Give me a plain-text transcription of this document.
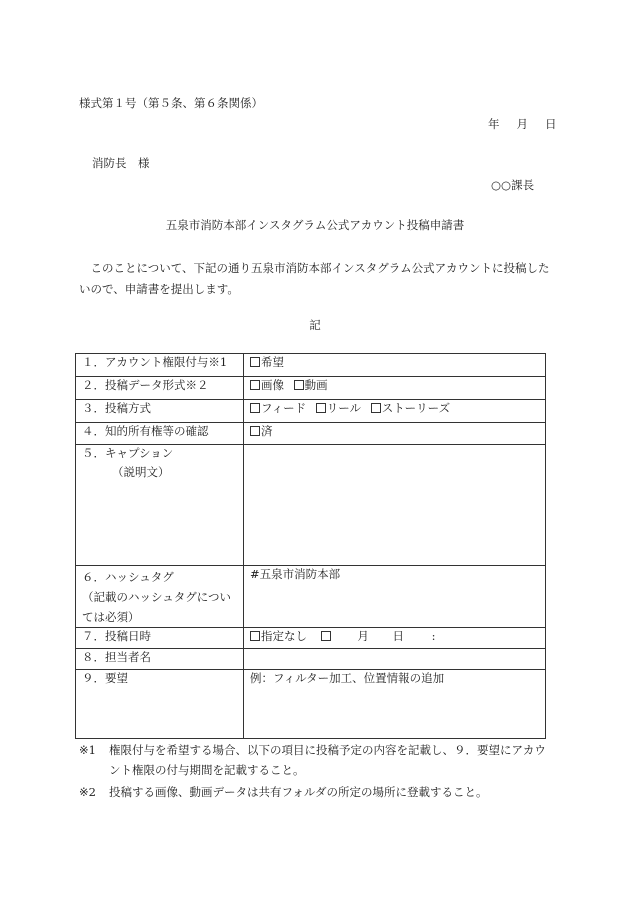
様式第１号（第５条、第６条関係）
年 月 日
消防長　様
○○課長
五泉市消防本部インスタグラム公式アカウント投稿申請書
このことについて、下記の通り五泉市消防本部インスタグラム公式アカウントに投稿したいので、申請書を提出します。
記
１．アカウント権限付与※1	希望
２．投稿データ形式※２	画像 動画
３．投稿方式	フィード リール ストーリーズ
４．知的所有権等の確認	済
５．キャプション
（説明文）	

６．ハッシュタグ
（記載のハッシュタグについ
ては必須）	#五泉市消防本部
７．投稿日時	指定なし 月 日 :
８．担当者名	
９．要望	例：フィルター加工、位置情報の追加
※1 権限付与を希望する場合、以下の項目に投稿予定の内容を記載し、９．要望にアカウント権限の付与期間を記載すること。
※2 投稿する画像、動画データは共有フォルダの所定の場所に登載すること。
